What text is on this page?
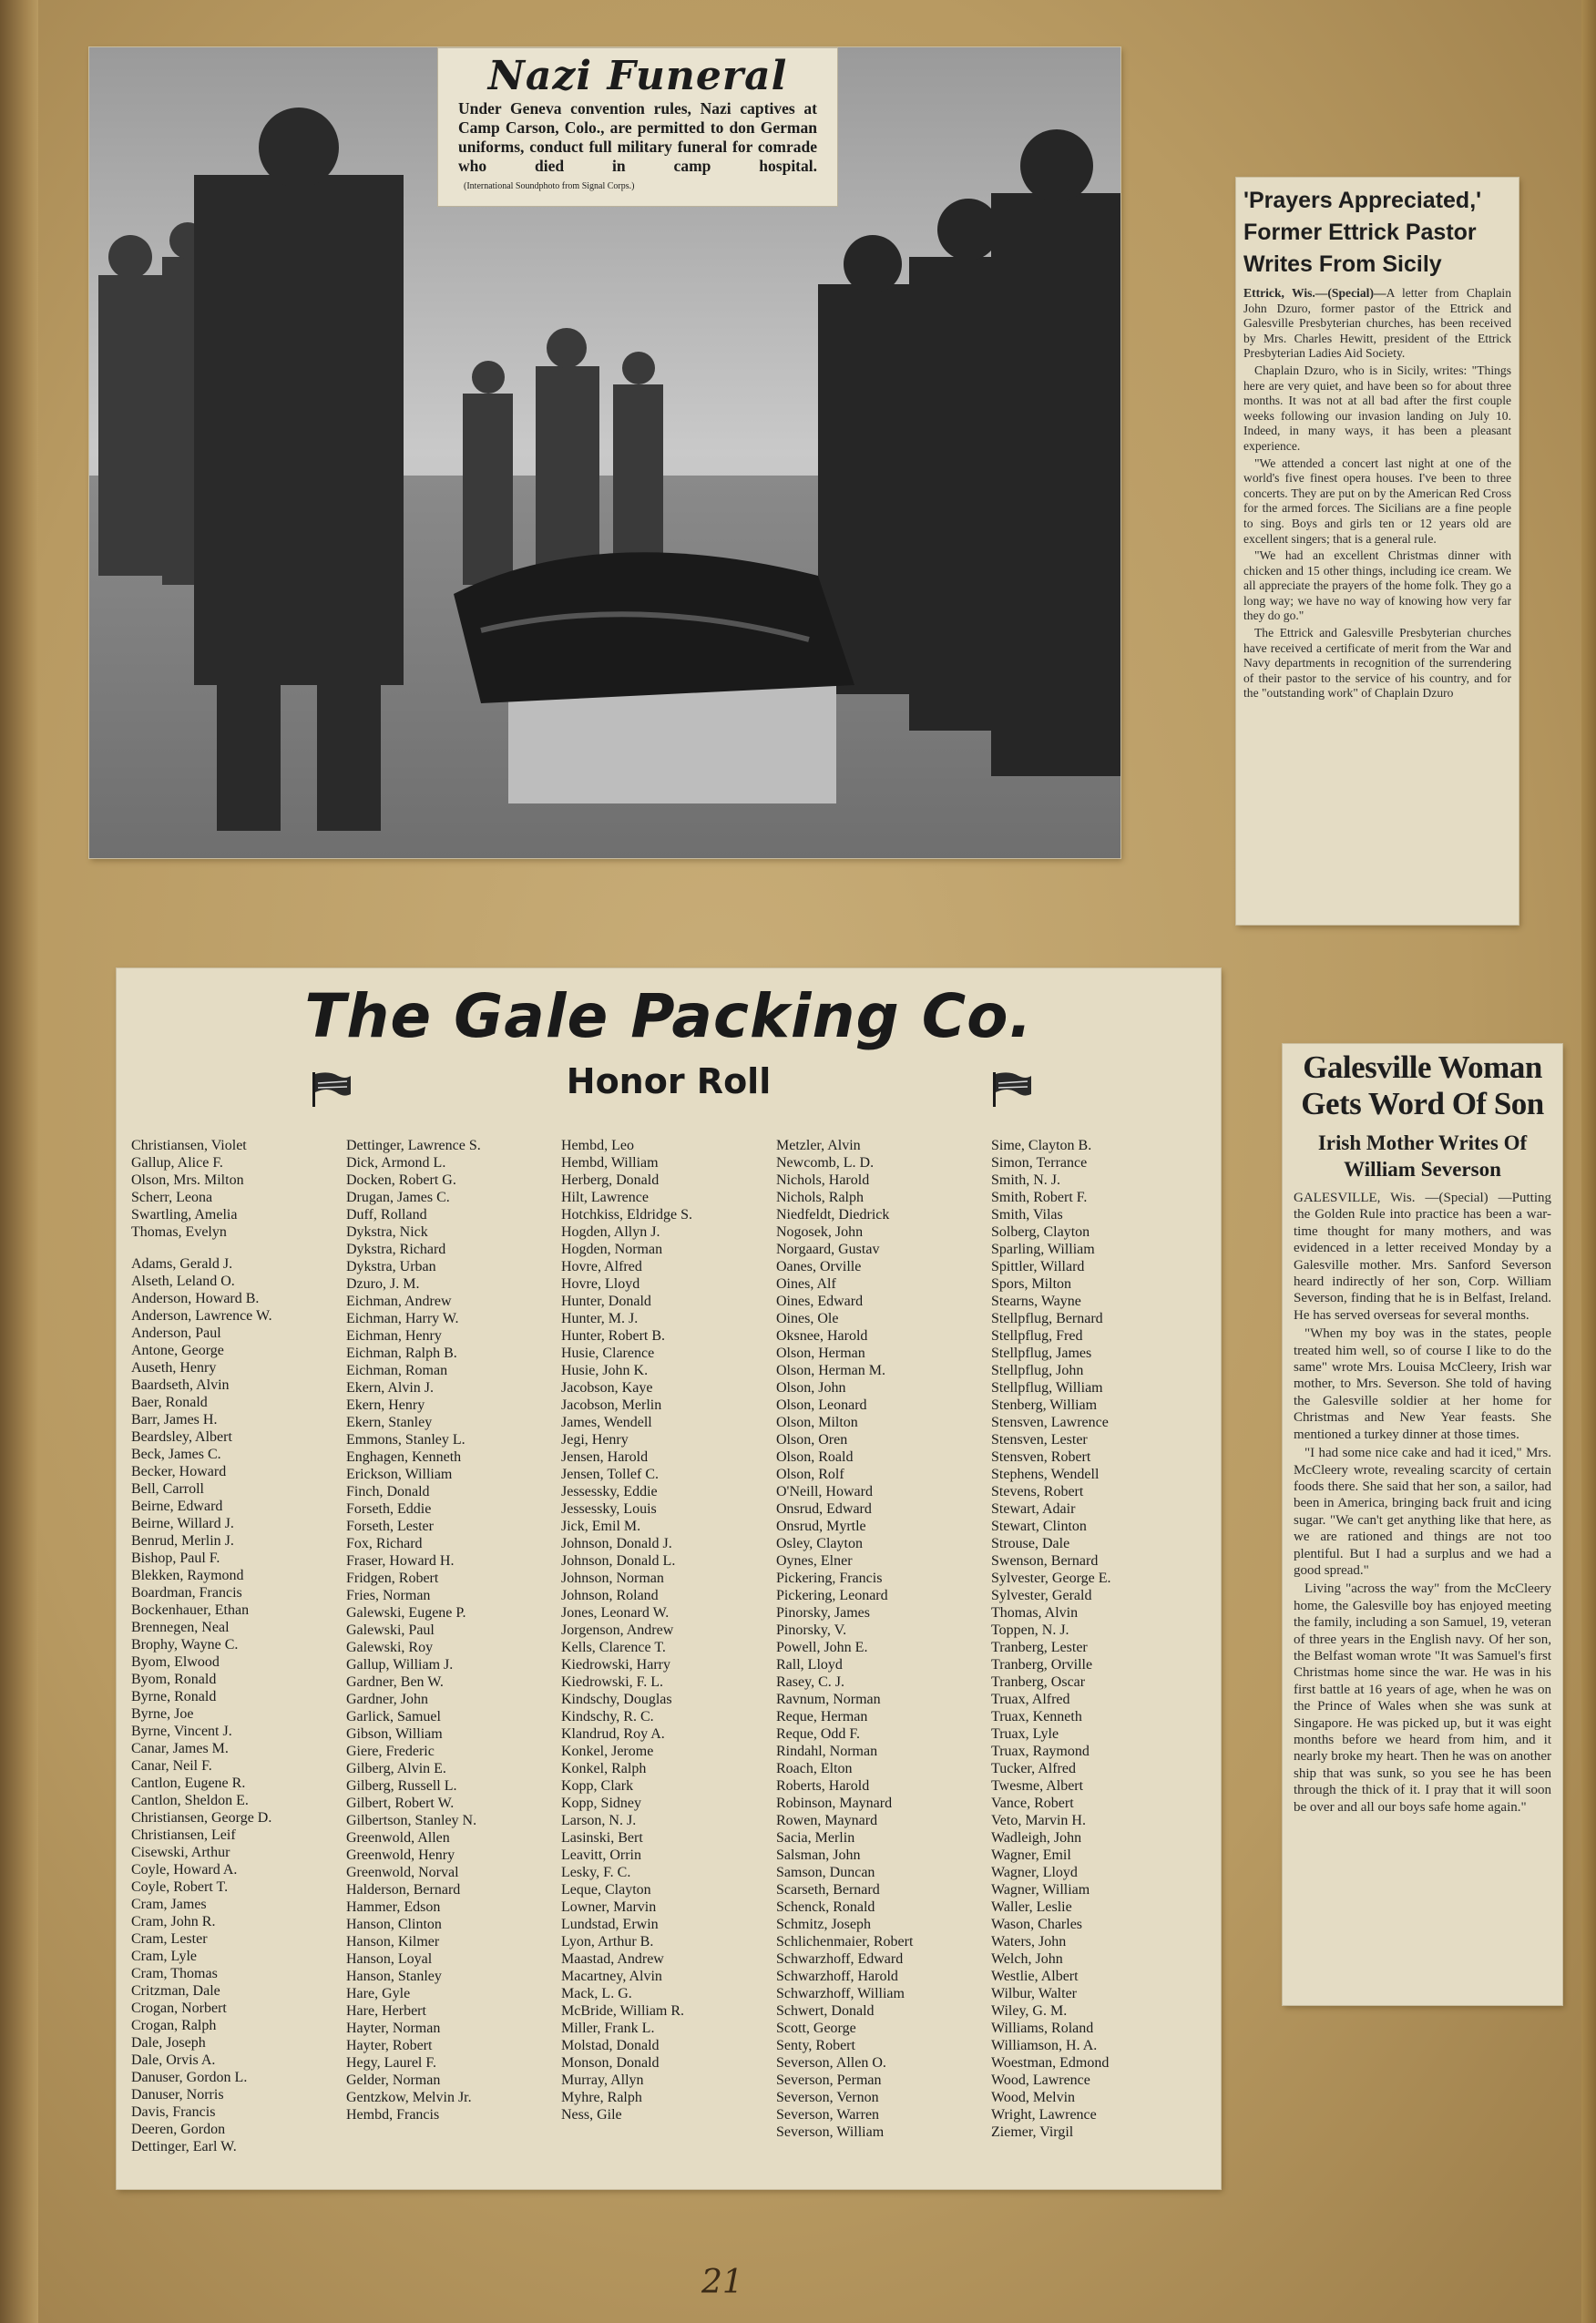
Nazi Funeral
Under Geneva convention rules, Nazi captives at Camp Carson, Colo., are permitted to don German uniforms, conduct full military funeral for comrade who died in camp hospital. (International Soundphoto from Signal Corps.)
'Prayers Appreciated,' Former Ettrick Pastor Writes From Sicily

Ettrick, Wis.—(Special)—A letter from Chaplain John Dzuro, former pastor of the Ettrick and Galesville Presbyterian churches, has been received by Mrs. Charles Hewitt, president of the Ettrick Presbyterian Ladies Aid Society.

Chaplain Dzuro, who is in Sicily, writes: "Things here are very quiet, and have been so for about three months. It was not at all bad after the first couple weeks following our invasion landing on July 10. Indeed, in many ways, it has been a pleasant experience.

"We attended a concert last night at one of the world's five finest opera houses. I've been to three concerts. They are put on by the American Red Cross for the armed forces. The Sicilians are a fine people to sing. Boys and girls ten or 12 years old are excellent singers; that is a general rule.

"We had an excellent Christmas dinner with chicken and 15 other things, including ice cream. We all appreciate the prayers of the home folk. They go a long way; we have no way of knowing how very far they do go."

The Ettrick and Galesville Presbyterian churches have received a certificate of merit from the War and Navy departments in recognition of the surrendering of their pastor to the service of his country, and for the "outstanding work" of Chaplain Dzuro

The Gale Packing Co.
Honor Roll
Christiansen, Violet
Gallup, Alice F.
Olson, Mrs. Milton
Scherr, Leona
Swartling, Amelia
Thomas, Evelyn
Adams, Gerald J.
Alseth, Leland O.
Anderson, Howard B.
Anderson, Lawrence W.
Anderson, Paul
Antone, George
Auseth, Henry
Baardseth, Alvin
Baer, Ronald
Barr, James H.
Beardsley, Albert
Beck, James C.
Becker, Howard
Bell, Carroll
Beirne, Edward
Beirne, Willard J.
Benrud, Merlin J.
Bishop, Paul F.
Blekken, Raymond
Boardman, Francis
Bockenhauer, Ethan
Brennegen, Neal
Brophy, Wayne C.
Byom, Elwood
Byom, Ronald
Byrne, Ronald
Byrne, Joe
Byrne, Vincent J.
Canar, James M.
Canar, Neil F.
Cantlon, Eugene R.
Cantlon, Sheldon E.
Christiansen, George D.
Christiansen, Leif
Cisewski, Arthur
Coyle, Howard A.
Coyle, Robert T.
Cram, James
Cram, John R.
Cram, Lester
Cram, Lyle
Cram, Thomas
Critzman, Dale
Crogan, Norbert
Crogan, Ralph
Dale, Joseph
Dale, Orvis A.
Danuser, Gordon L.
Danuser, Norris
Davis, Francis
Deeren, Gordon
Dettinger, Earl W.
Dettinger, Lawrence S.
Dick, Armond L.
Docken, Robert G.
Drugan, James C.
Duff, Rolland
Dykstra, Nick
Dykstra, Richard
Dykstra, Urban
Dzuro, J. M.
Eichman, Andrew
Eichman, Harry W.
Eichman, Henry
Eichman, Ralph B.
Eichman, Roman
Ekern, Alvin J.
Ekern, Henry
Ekern, Stanley
Emmons, Stanley L.
Enghagen, Kenneth
Erickson, William
Finch, Donald
Forseth, Eddie
Forseth, Lester
Fox, Richard
Fraser, Howard H.
Fridgen, Robert
Fries, Norman
Galewski, Eugene P.
Galewski, Paul
Galewski, Roy
Gallup, William J.
Gardner, Ben W.
Gardner, John
Garlick, Samuel
Gibson, William
Giere, Frederic
Gilberg, Alvin E.
Gilberg, Russell L.
Gilbert, Robert W.
Gilbertson, Stanley N.
Greenwold, Allen
Greenwold, Henry
Greenwold, Norval
Halderson, Bernard
Hammer, Edson
Hanson, Clinton
Hanson, Kilmer
Hanson, Loyal
Hanson, Stanley
Hare, Gyle
Hare, Herbert
Hayter, Norman
Hayter, Robert
Hegy, Laurel F.
Gelder, Norman
Gentzkow, Melvin Jr.
Hembd, Francis
Hembd, Leo
Hembd, William
Herberg, Donald
Hilt, Lawrence
Hotchkiss, Eldridge S.
Hogden, Allyn J.
Hogden, Norman
Hovre, Alfred
Hovre, Lloyd
Hunter, Donald
Hunter, M. J.
Hunter, Robert B.
Husie, Clarence
Husie, John K.
Jacobson, Kaye
Jacobson, Merlin
James, Wendell
Jegi, Henry
Jensen, Harold
Jensen, Tollef C.
Jessessky, Eddie
Jessessky, Louis
Jick, Emil M.
Johnson, Donald J.
Johnson, Donald L.
Johnson, Norman
Johnson, Roland
Jones, Leonard W.
Jorgenson, Andrew
Kells, Clarence T.
Kiedrowski, Harry
Kiedrowski, F. L.
Kindschy, Douglas
Kindschy, R. C.
Klandrud, Roy A.
Konkel, Jerome
Konkel, Ralph
Kopp, Clark
Kopp, Sidney
Larson, N. J.
Lasinski, Bert
Leavitt, Orrin
Lesky, F. C.
Leque, Clayton
Lowner, Marvin
Lundstad, Erwin
Lyon, Arthur B.
Maastad, Andrew
Macartney, Alvin
Mack, L. G.
McBride, William R.
Miller, Frank L.
Molstad, Donald
Monson, Donald
Murray, Allyn
Myhre, Ralph
Ness, Gile
Metzler, Alvin
Newcomb, L. D.
Nichols, Harold
Nichols, Ralph
Niedfeldt, Diedrick
Nogosek, John
Norgaard, Gustav
Oanes, Orville
Oines, Alf
Oines, Edward
Oines, Ole
Oksnee, Harold
Olson, Herman
Olson, Herman M.
Olson, John
Olson, Leonard
Olson, Milton
Olson, Oren
Olson, Roald
Olson, Rolf
O'Neill, Howard
Onsrud, Edward
Onsrud, Myrtle
Osley, Clayton
Oynes, Elner
Pickering, Francis
Pickering, Leonard
Pinorsky, James
Pinorsky, V.
Powell, John E.
Rall, Lloyd
Rasey, C. J.
Ravnum, Norman
Reque, Herman
Reque, Odd F.
Rindahl, Norman
Roach, Elton
Roberts, Harold
Robinson, Maynard
Rowen, Maynard
Sacia, Merlin
Salsman, John
Samson, Duncan
Scarseth, Bernard
Schenck, Ronald
Schmitz, Joseph
Schlichenmaier, Robert
Schwarzhoff, Edward
Schwarzhoff, Harold
Schwarzhoff, William
Schwert, Donald
Scott, George
Senty, Robert
Severson, Allen O.
Severson, Perman
Severson, Vernon
Severson, Warren
Severson, William
Sime, Clayton B.
Simon, Terrance
Smith, N. J.
Smith, Robert F.
Smith, Vilas
Solberg, Clayton
Sparling, William
Spittler, Willard
Spors, Milton
Stearns, Wayne
Stellpflug, Bernard
Stellpflug, Fred
Stellpflug, James
Stellpflug, John
Stellpflug, William
Stenberg, William
Stensven, Lawrence
Stensven, Lester
Stensven, Robert
Stephens, Wendell
Stevens, Robert
Stewart, Adair
Stewart, Clinton
Strouse, Dale
Swenson, Bernard
Sylvester, George E.
Sylvester, Gerald
Thomas, Alvin
Toppen, N. J.
Tranberg, Lester
Tranberg, Orville
Tranberg, Oscar
Truax, Alfred
Truax, Kenneth
Truax, Lyle
Truax, Raymond
Tucker, Alfred
Twesme, Albert
Vance, Robert
Veto, Marvin H.
Wadleigh, John
Wagner, Emil
Wagner, Lloyd
Wagner, William
Waller, Leslie
Wason, Charles
Waters, John
Welch, John
Westlie, Albert
Wilbur, Walter
Wiley, G. M.
Williams, Roland
Williamson, H. A.
Woestman, Edmond
Wood, Lawrence
Wood, Melvin
Wright, Lawrence
Ziemer, Virgil
Galesville Woman Gets Word Of Son
Irish Mother Writes Of William Severson

GALESVILLE, Wis. —(Special) —Putting the Golden Rule into practice has been a war-time thought for many mothers, and was evidenced in a letter received Monday by a Galesville mother. Mrs. Sanford Severson heard indirectly of her son, Corp. William Severson, finding that he is in Belfast, Ireland. He has served overseas for several months.

"When my boy was in the states, people treated him well, so of course I like to do the same" wrote Mrs. Louisa McCleery, Irish war mother, to Mrs. Severson. She told of having the Galesville soldier at her home for Christmas and New Year feasts. She mentioned a turkey dinner at those times.

"I had some nice cake and had it iced," Mrs. McCleery wrote, revealing scarcity of certain foods there. She said that her son, a sailor, had been in America, bringing back fruit and icing sugar. "We can't get anything like that here, as we are rationed and things are not too plentiful. But I had a surplus and we had a good spread."

Living "across the way" from the McCleery home, the Galesville boy has enjoyed meeting the family, including a son Samuel, 19, veteran of three years in the English navy. Of her son, the Belfast woman wrote "It was Samuel's first Christmas home since the war. He was in his first battle at 16 years of age, when he was on the Prince of Wales when she was sunk at Singapore. He was picked up, but it was eight months before we heard from him, and it nearly broke my heart. Then he was on another ship that was sunk, so you see he has been through the thick of it. I pray that it will soon be over and all our boys safe home again."

21
